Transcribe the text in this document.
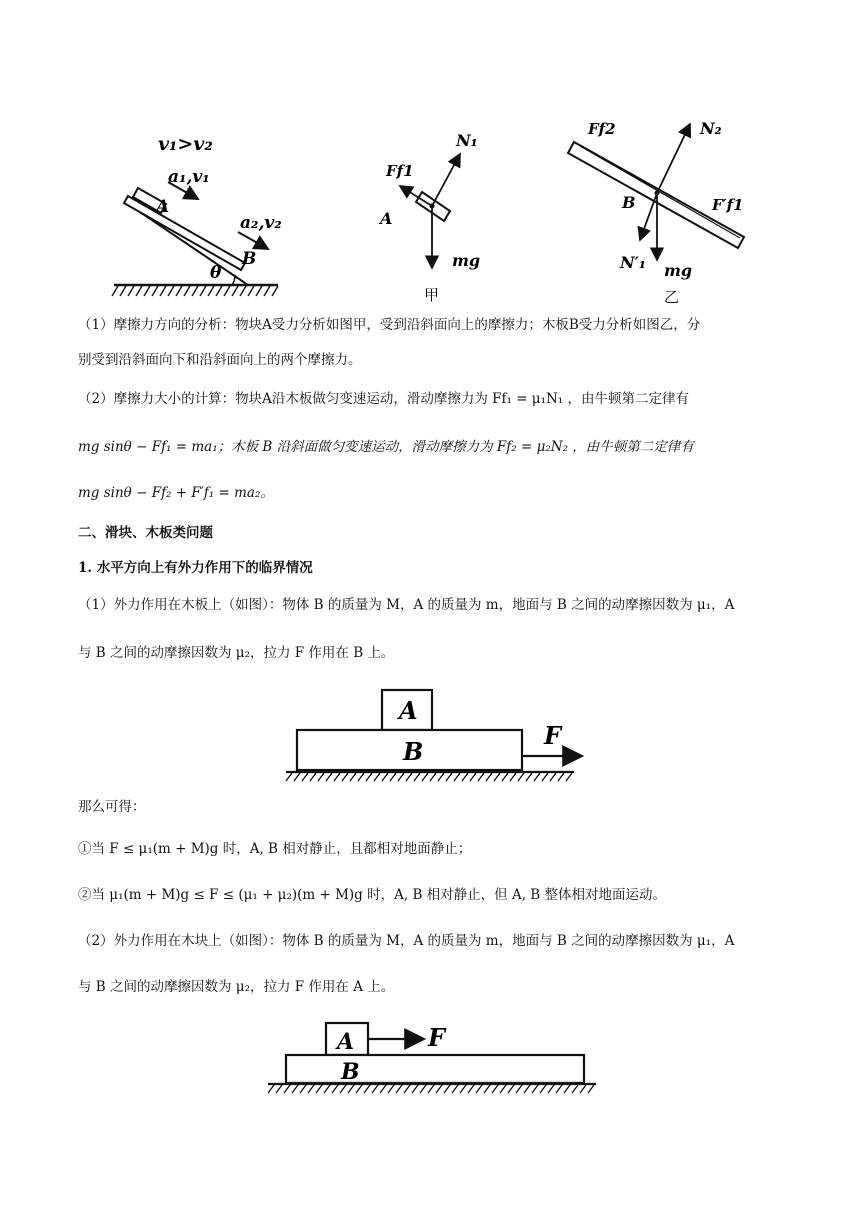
v₁>v₂
a₁,v₁
A
a₂,v₂
B
θ
N₁
Ff1
A
mg
甲
Ff2	N₂
B	F′f1
N′₁ mg
乙
（1）摩擦力方向的分析：物块A受力分析如图甲，受到沿斜面向上的摩擦力；木板B受力分析如图乙，分
别受到沿斜面向下和沿斜面向上的两个摩擦力。
（2）摩擦力大小的计算：物块A沿木板做匀变速运动，滑动摩擦力为 Ff₁ = μ₁N₁ ，由牛顿第二定律有
mg sinθ − Ff₁ = ma₁；木板 B 沿斜面做匀变速运动，滑动摩擦力为 Ff₂ = μ₂N₂ ，由牛顿第二定律有
mg sinθ − Ff₂ + F′f₁ = ma₂。
二、滑块、木板类问题
1. 水平方向上有外力作用下的临界情况
（1）外力作用在木板上（如图）：物体 B 的质量为 M，A 的质量为 m，地面与 B 之间的动摩擦因数为 μ₁，A
与 B 之间的动摩擦因数为 μ₂，拉力 F 作用在 B 上。
A
B
F
那么可得：
①当 F ≤ μ₁(m + M)g 时，A, B 相对静止，且都相对地面静止；
②当 μ₁(m + M)g ≤ F ≤ (μ₁ + μ₂)(m + M)g 时，A, B 相对静止，但 A, B 整体相对地面运动。
（2）外力作用在木块上（如图）：物体 B 的质量为 M，A 的质量为 m，地面与 B 之间的动摩擦因数为 μ₁，A
与 B 之间的动摩擦因数为 μ₂，拉力 F 作用在 A 上。
A
B
F
